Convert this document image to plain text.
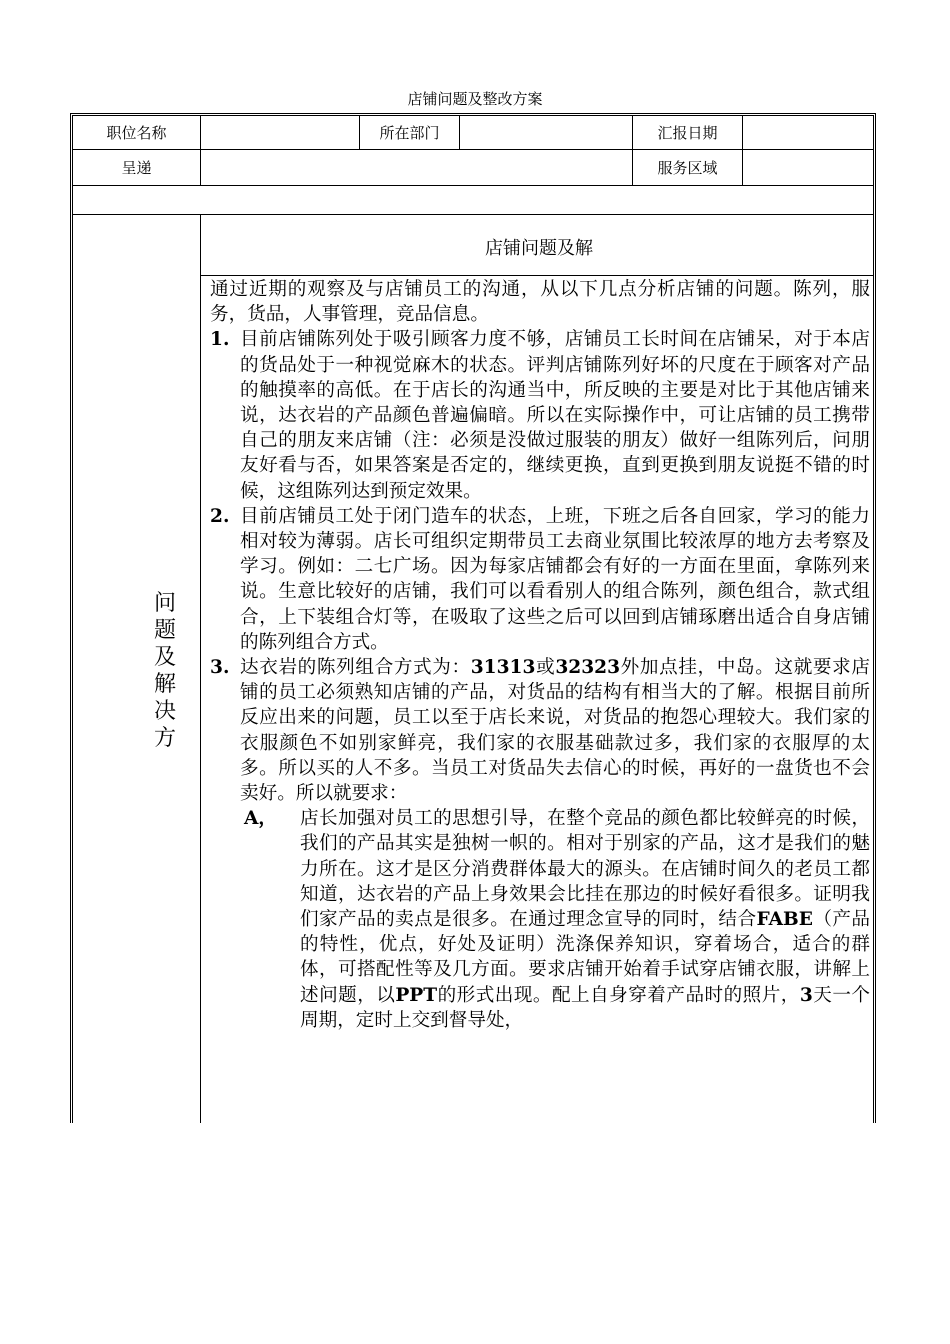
店铺问题及整改方案
职位名称	所在部门	汇报日期
呈递	服务区域
问
题
及
解
决
方
店铺问题及解

通过近期的观察及与店铺员工的沟通，从以下几点分析店铺的问题。陈列，服务，货品，人事管理，竞品信息。

1. 目前店铺陈列处于吸引顾客力度不够，店铺员工长时间在店铺呆，对于本店的货品处于一种视觉麻木的状态。评判店铺陈列好坏的尺度在于顾客对产品的触摸率的高低。在于店长的沟通当中，所反映的主要是对比于其他店铺来说，达衣岩的产品颜色普遍偏暗。所以在实际操作中，可让店铺的员工携带自己的朋友来店铺（注：必须是没做过服装的朋友）做好一组陈列后，问朋友好看与否，如果答案是否定的，继续更换，直到更换到朋友说挺不错的时候，这组陈列达到预定效果。

2. 目前店铺员工处于闭门造车的状态，上班，下班之后各自回家，学习的能力相对较为薄弱。店长可组织定期带员工去商业氛围比较浓厚的地方去考察及学习。例如：二七广场。因为每家店铺都会有好的一方面在里面，拿陈列来说。生意比较好的店铺，我们可以看看别人的组合陈列，颜色组合，款式组合，上下装组合灯等，在吸取了这些之后可以回到店铺琢磨出适合自身店铺的陈列组合方式。

3. 达衣岩的陈列组合方式为：31313或32323外加点挂，中岛。这就要求店铺的员工必须熟知店铺的产品，对货品的结构有相当大的了解。根据目前所反应出来的问题，员工以至于店长来说，对货品的抱怨心理较大。我们家的衣服颜色不如别家鲜亮，我们家的衣服基础款过多，我们家的衣服厚的太多。所以买的人不多。当员工对货品失去信心的时候，再好的一盘货也不会卖好。所以就要求：

A， 店长加强对员工的思想引导，在整个竞品的颜色都比较鲜亮的时候，我们的产品其实是独树一帜的。相对于别家的产品，这才是我们的魅力所在。这才是区分消费群体最大的源头。在店铺时间久的老员工都知道，达衣岩的产品上身效果会比挂在那边的时候好看很多。证明我们家产品的卖点是很多。在通过理念宣导的同时，结合FABE（产品的特性，优点，好处及证明）洗涤保养知识，穿着场合，适合的群体，可搭配性等及几方面。要求店铺开始着手试穿店铺衣服，讲解上述问题，以PPT的形式出现。配上自身穿着产品时的照片，3天一个周期，定时上交到督导处，
